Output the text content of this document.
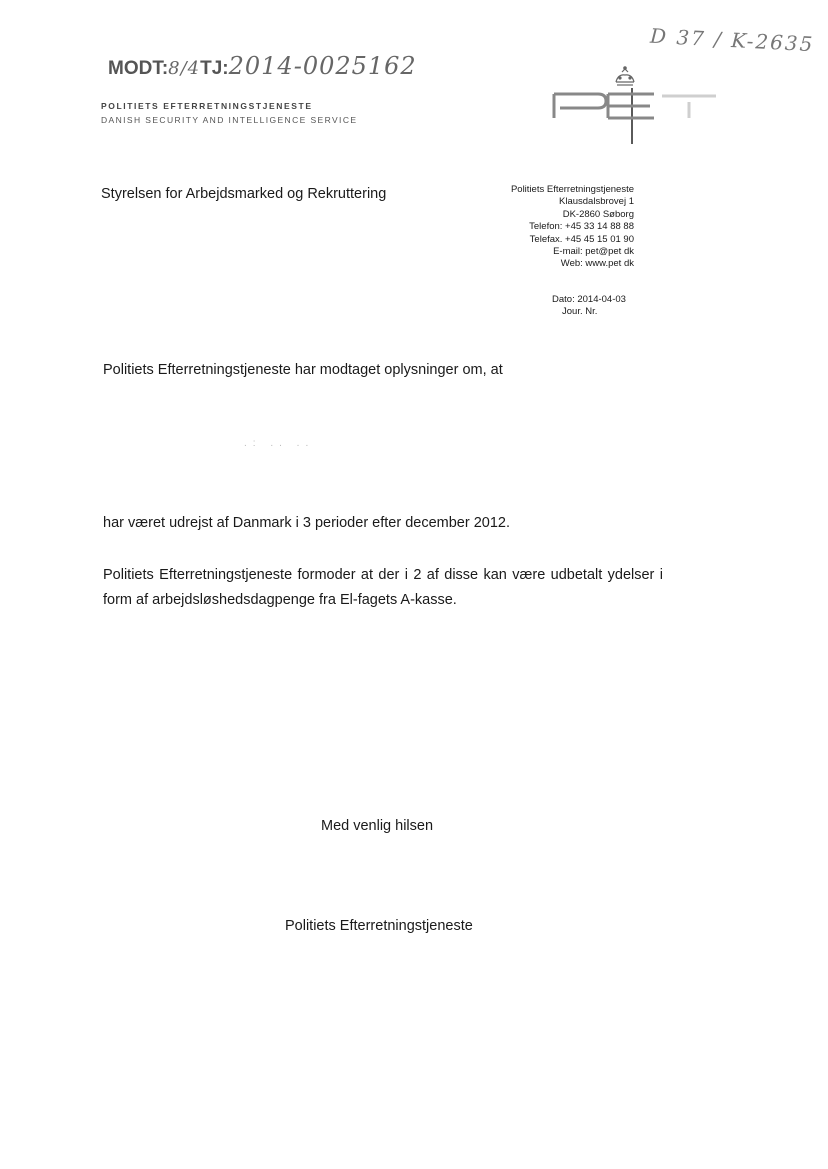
MODT: 8/4 TJ: 2014-0025162
D 37 / K-2635
POLITIETS EFTERRETNINGSTJENESTE
DANISH SECURITY AND INTELLIGENCE SERVICE
Styrelsen for Arbejdsmarked og Rekruttering	Politiets Efterretningstjeneste
Klausdalsbrovej 1
DK-2860 Søborg
Telefon: +45 33 14 88 88
Telefax. +45 45 15 01 90
E-mail: pet@pet dk
Web: www.pet dk
Dato: 2014-04-03
Jour. Nr.
Politiets Efterretningstjeneste har modtaget oplysninger om, at
.: .. ..
har været udrejst af Danmark i 3 perioder efter december 2012.
Politiets Efterretningstjeneste formoder at der i 2 af disse kan være udbetalt ydelser i form af arbejdsløshedsdagpenge fra El-fagets A-kasse.
Med venlig hilsen
Politiets Efterretningstjeneste
